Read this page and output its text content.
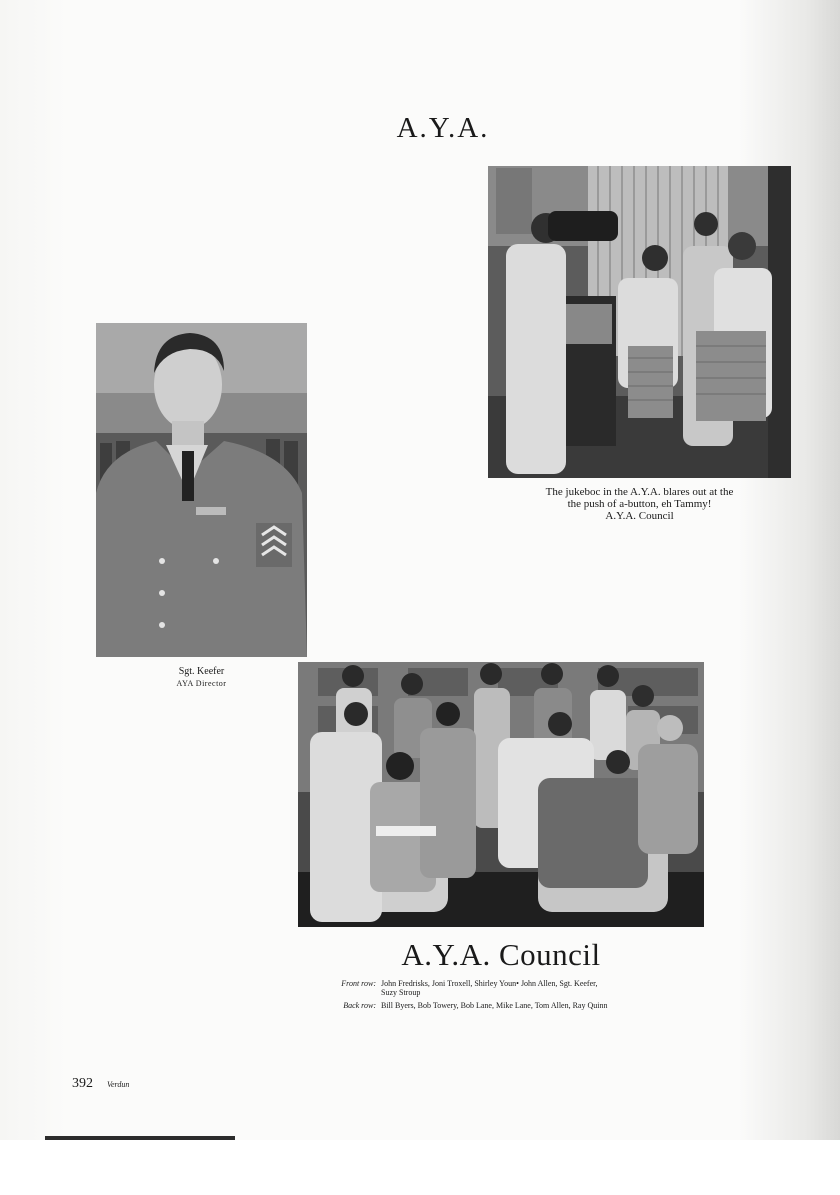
A.Y.A.
The jukeboc in the A.Y.A. blares out at the
the push of a-button, eh Tammy!
A.Y.A. Council
Sgt. Keefer
AYA Director
A.Y.A. Council
Front row: John Fredrisks, Joni Troxell, Shirley Youn• John Allen, Sgt. Keefer,
Suzy Stroup
Back row: Bill Byers, Bob Towery, Bob Lane, Mike Lane, Tom Allen, Ray Quinn
392 Verdun
